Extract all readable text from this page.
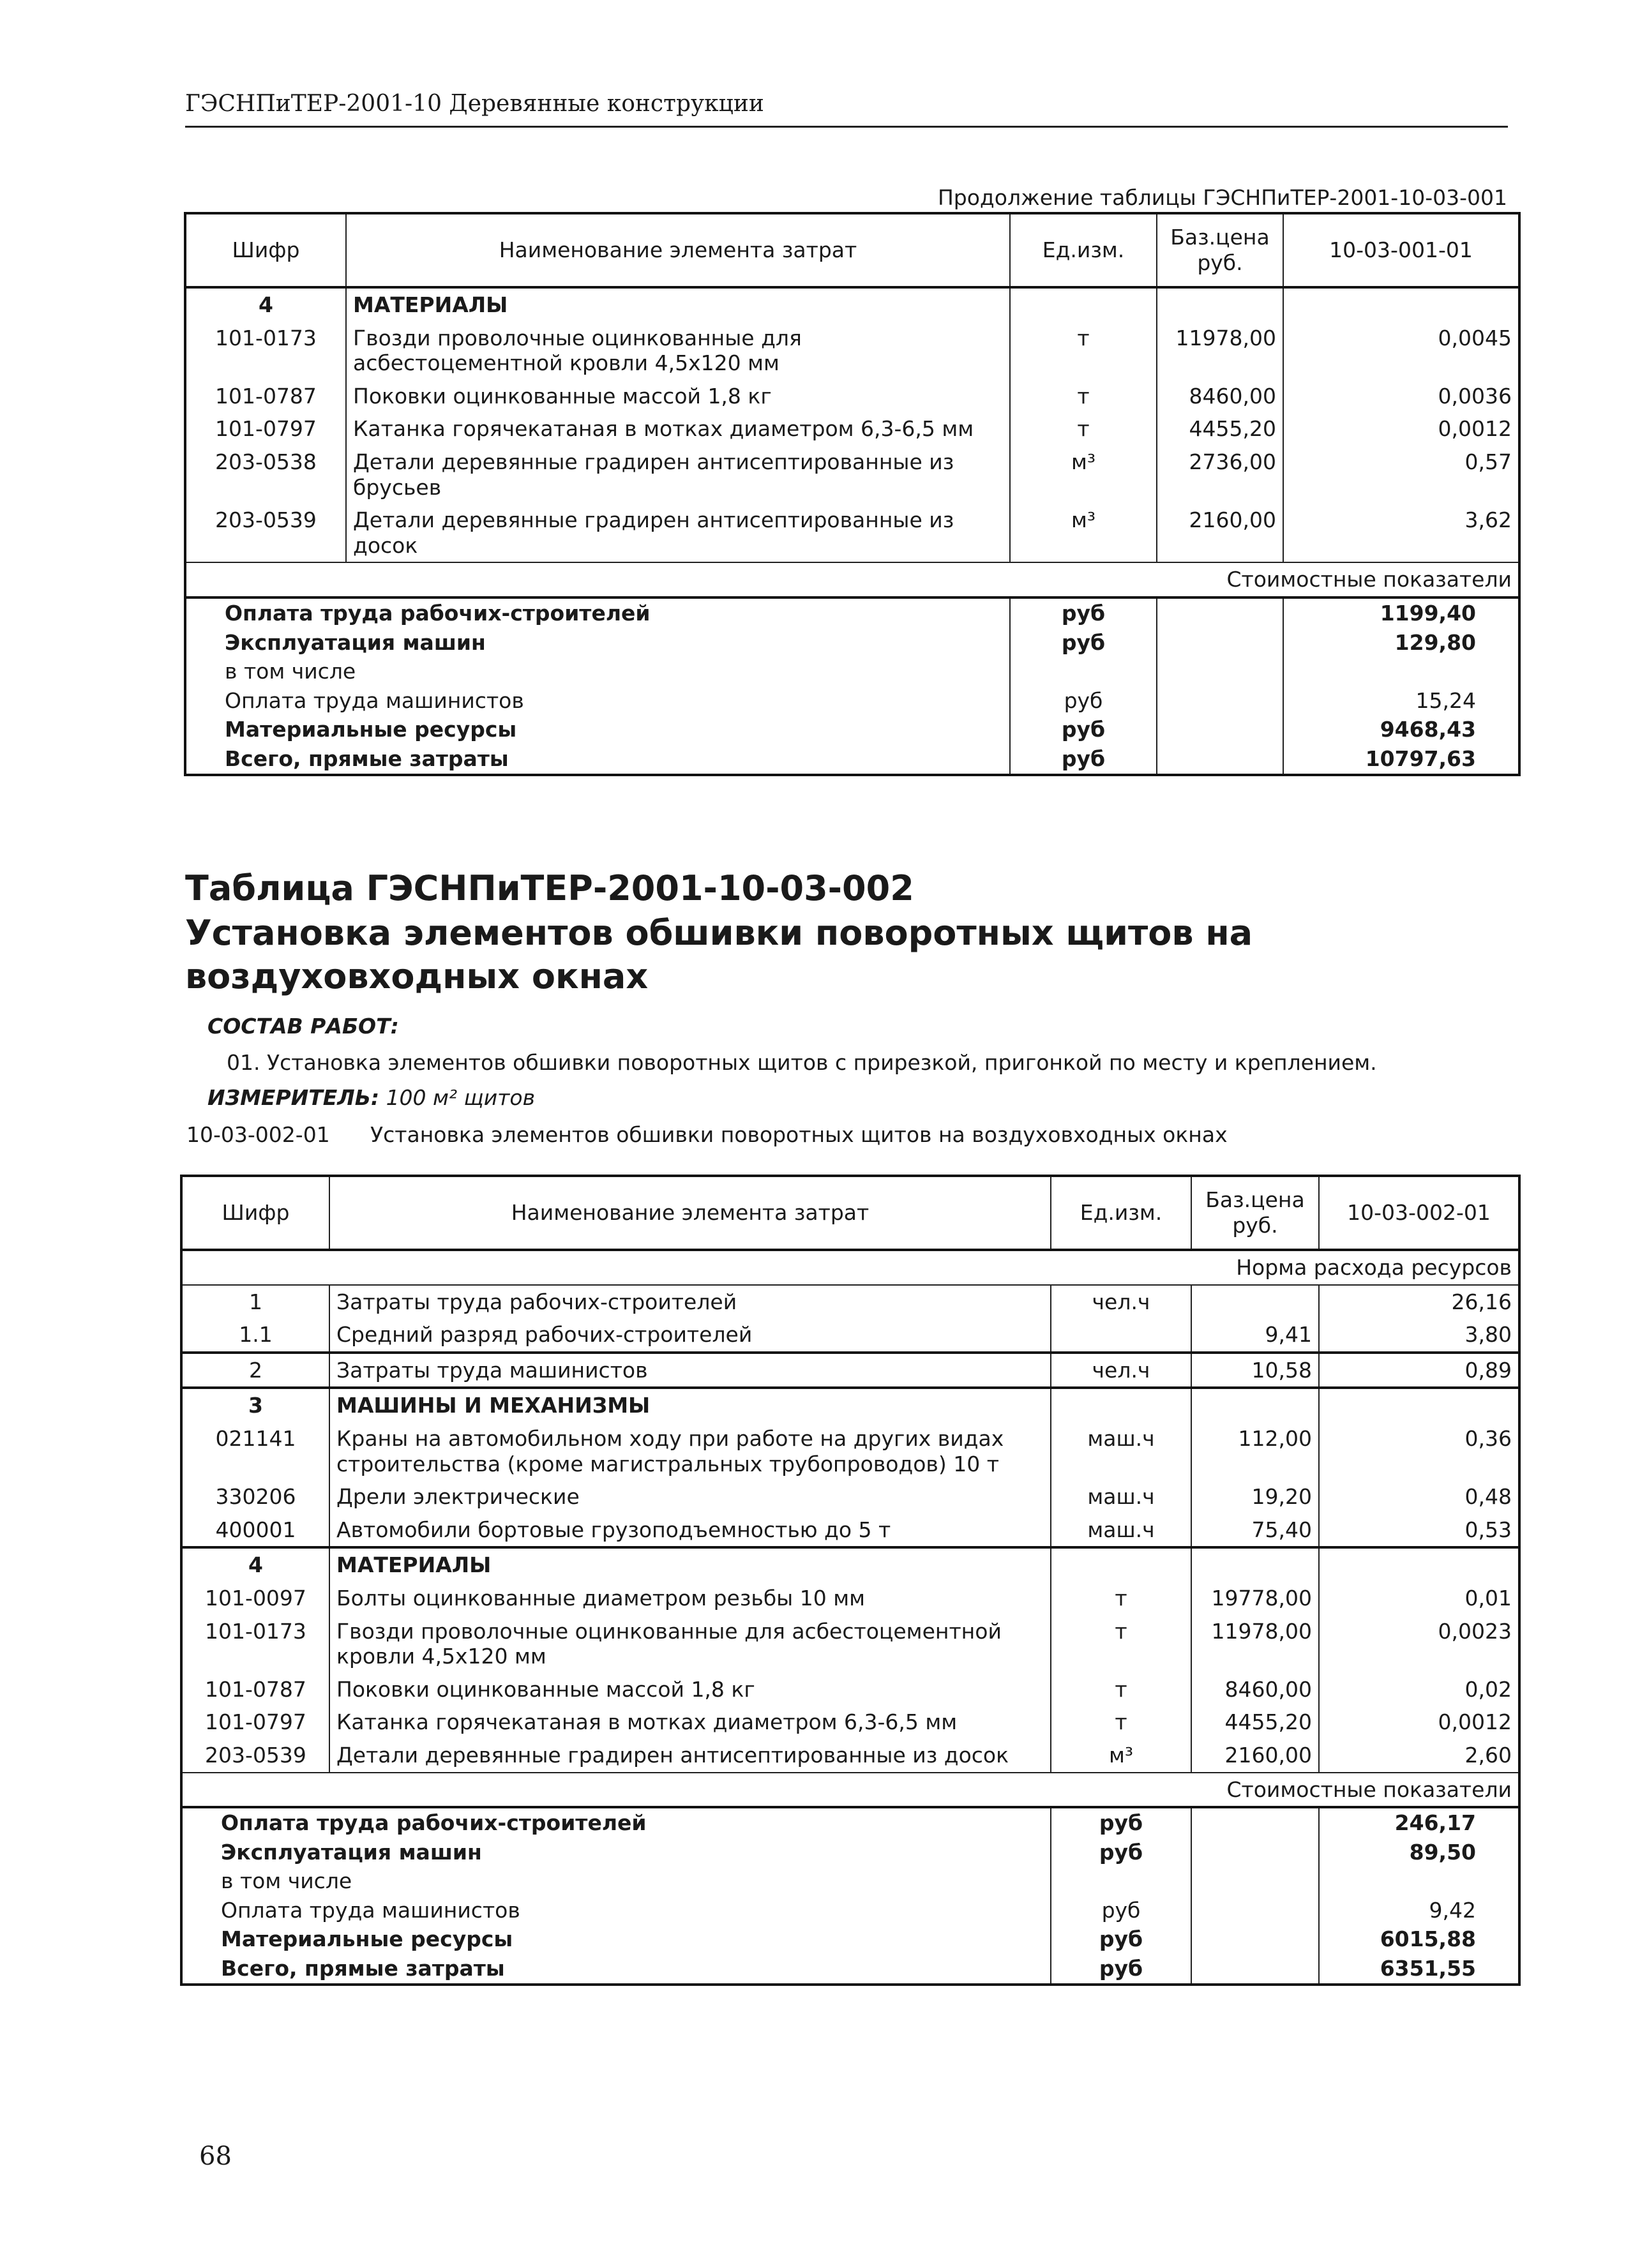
ГЭСНПиТЕР-2001-10 Деревянные конструкции
Продолжение таблицы ГЭСНПиТЕР-2001-10-03-001
Шифр	Наименование элемента затрат	Ед.изм.	Баз.цена руб.	10-03-001-01
4	МАТЕРИАЛЫ			
101-0173	Гвозди проволочные оцинкованные для асбестоцементной кровли 4,5х120 мм	т	11978,00	0,0045
101-0787	Поковки оцинкованные массой 1,8 кг	т	8460,00	0,0036
101-0797	Катанка горячекатаная в мотках диаметром 6,3-6,5 мм	т	4455,20	0,0012
203-0538	Детали деревянные градирен антисептированные из брусьев	м³	2736,00	0,57
203-0539	Детали деревянные градирен антисептированные из досок	м³	2160,00	3,62
Стоимостные показатели				
Оплата труда рабочих-строителей		руб		1199,40
Эксплуатация машин		руб		129,80
в том числе				
Оплата труда машинистов		руб		15,24
Материальные ресурсы		руб		9468,43
Всего, прямые затраты		руб		10797,63
Таблица ГЭСНПиТЕР-2001-10-03-002
Установка элементов обшивки поворотных щитов на воздуховходных окнах
СОСТАВ РАБОТ:
01. Установка элементов обшивки поворотных щитов с прирезкой, пригонкой по месту и креплением.
ИЗМЕРИТЕЛЬ: 100 м² щитов
10-03-002-01 Установка элементов обшивки поворотных щитов на воздуховходных окнах
Шифр	Наименование элемента затрат	Ед.изм.	Баз.цена руб.	10-03-002-01
Норма расхода ресурсов				
1	Затраты труда рабочих-строителей	чел.ч		26,16
1.1	Средний разряд рабочих-строителей		9,41	3,80
2	Затраты труда машинистов	чел.ч	10,58	0,89
3	МАШИНЫ И МЕХАНИЗМЫ			
021141	Краны на автомобильном ходу при работе на других видах строительства (кроме магистральных трубопроводов) 10 т	маш.ч	112,00	0,36
330206	Дрели электрические	маш.ч	19,20	0,48
400001	Автомобили бортовые грузоподъемностью до 5 т	маш.ч	75,40	0,53
4	МАТЕРИАЛЫ			
101-0097	Болты оцинкованные диаметром резьбы 10 мм	т	19778,00	0,01
101-0173	Гвозди проволочные оцинкованные для асбестоцементной кровли 4,5х120 мм	т	11978,00	0,0023
101-0787	Поковки оцинкованные массой 1,8 кг	т	8460,00	0,02
101-0797	Катанка горячекатаная в мотках диаметром 6,3-6,5 мм	т	4455,20	0,0012
203-0539	Детали деревянные градирен антисептированные из досок	м³	2160,00	2,60
Стоимостные показатели				
Оплата труда рабочих-строителей		руб		246,17
Эксплуатация машин		руб		89,50
в том числе				
Оплата труда машинистов		руб		9,42
Материальные ресурсы		руб		6015,88
Всего, прямые затраты		руб		6351,55
68
